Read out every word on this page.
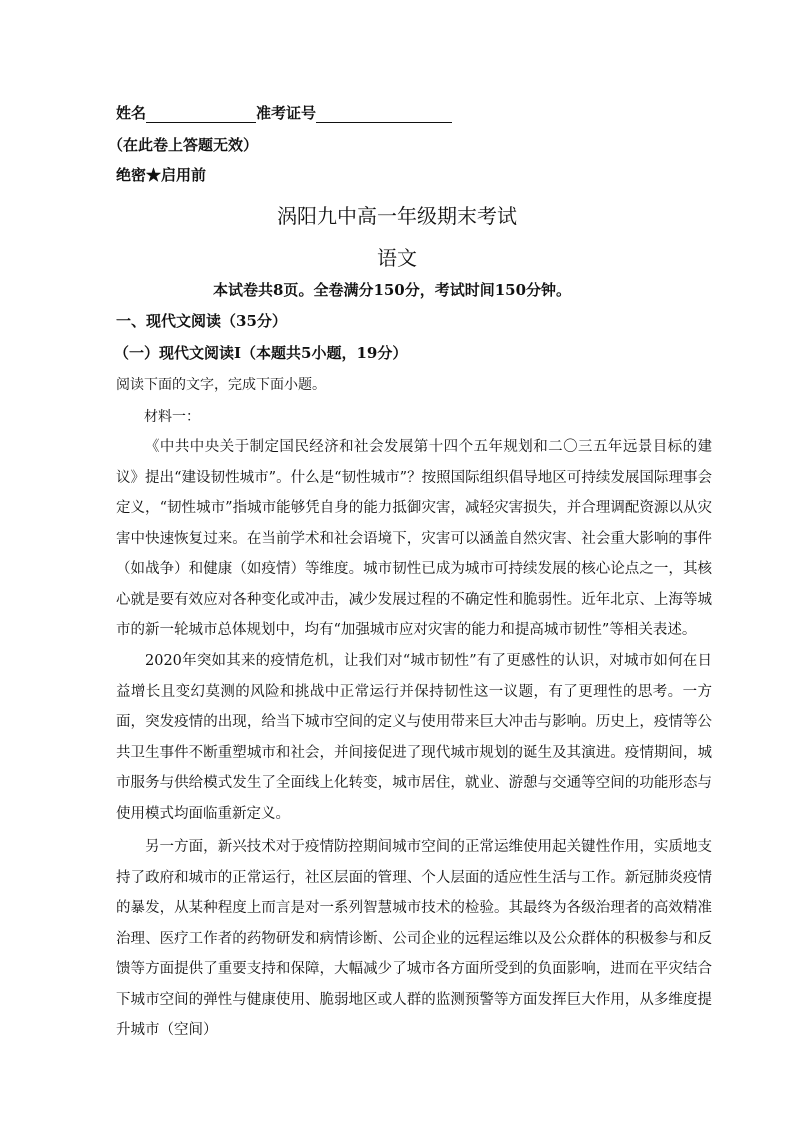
姓名	准考证号
（在此卷上答题无效）
绝密★启用前
涡阳九中高一年级期末考试
语文
本试卷共8页。全卷满分150分，考试时间150分钟。
一、现代文阅读（35分）
（一）现代文阅读Ⅰ（本题共5小题，19分）
阅读下面的文字，完成下面小题。
材料一：
《中共中央关于制定国民经济和社会发展第十四个五年规划和二〇三五年远景目标的建议》提出“建设韧性城市”。什么是“韧性城市”？按照国际组织倡导地区可持续发展国际理事会定义，“韧性城市”指城市能够凭自身的能力抵御灾害，减轻灾害损失，并合理调配资源以从灾害中快速恢复过来。在当前学术和社会语境下，灾害可以涵盖自然灾害、社会重大影响的事件（如战争）和健康（如疫情）等维度。城市韧性已成为城市可持续发展的核心论点之一，其核心就是要有效应对各种变化或冲击，减少发展过程的不确定性和脆弱性。近年北京、上海等城市的新一轮城市总体规划中，均有“加强城市应对灾害的能力和提高城市韧性”等相关表述。
2020年突如其来的疫情危机，让我们对“城市韧性”有了更感性的认识，对城市如何在日益增长且变幻莫测的风险和挑战中正常运行并保持韧性这一议题，有了更理性的思考。一方面，突发疫情的出现，给当下城市空间的定义与使用带来巨大冲击与影响。历史上，疫情等公共卫生事件不断重塑城市和社会，并间接促进了现代城市规划的诞生及其演进。疫情期间，城市服务与供给模式发生了全面线上化转变，城市居住，就业、游憩与交通等空间的功能形态与使用模式均面临重新定义。
另一方面，新兴技术对于疫情防控期间城市空间的正常运维使用起关键性作用，实质地支持了政府和城市的正常运行，社区层面的管理、个人层面的适应性生活与工作。新冠肺炎疫情的暴发，从某种程度上而言是对一系列智慧城市技术的检验。其最终为各级治理者的高效精准治理、医疗工作者的药物研发和病情诊断、公司企业的远程运维以及公众群体的积极参与和反馈等方面提供了重要支持和保障，大幅减少了城市各方面所受到的负面影响，进而在平灾结合下城市空间的弹性与健康使用、脆弱地区或人群的监测预警等方面发挥巨大作用，从多维度提升城市（空间）
